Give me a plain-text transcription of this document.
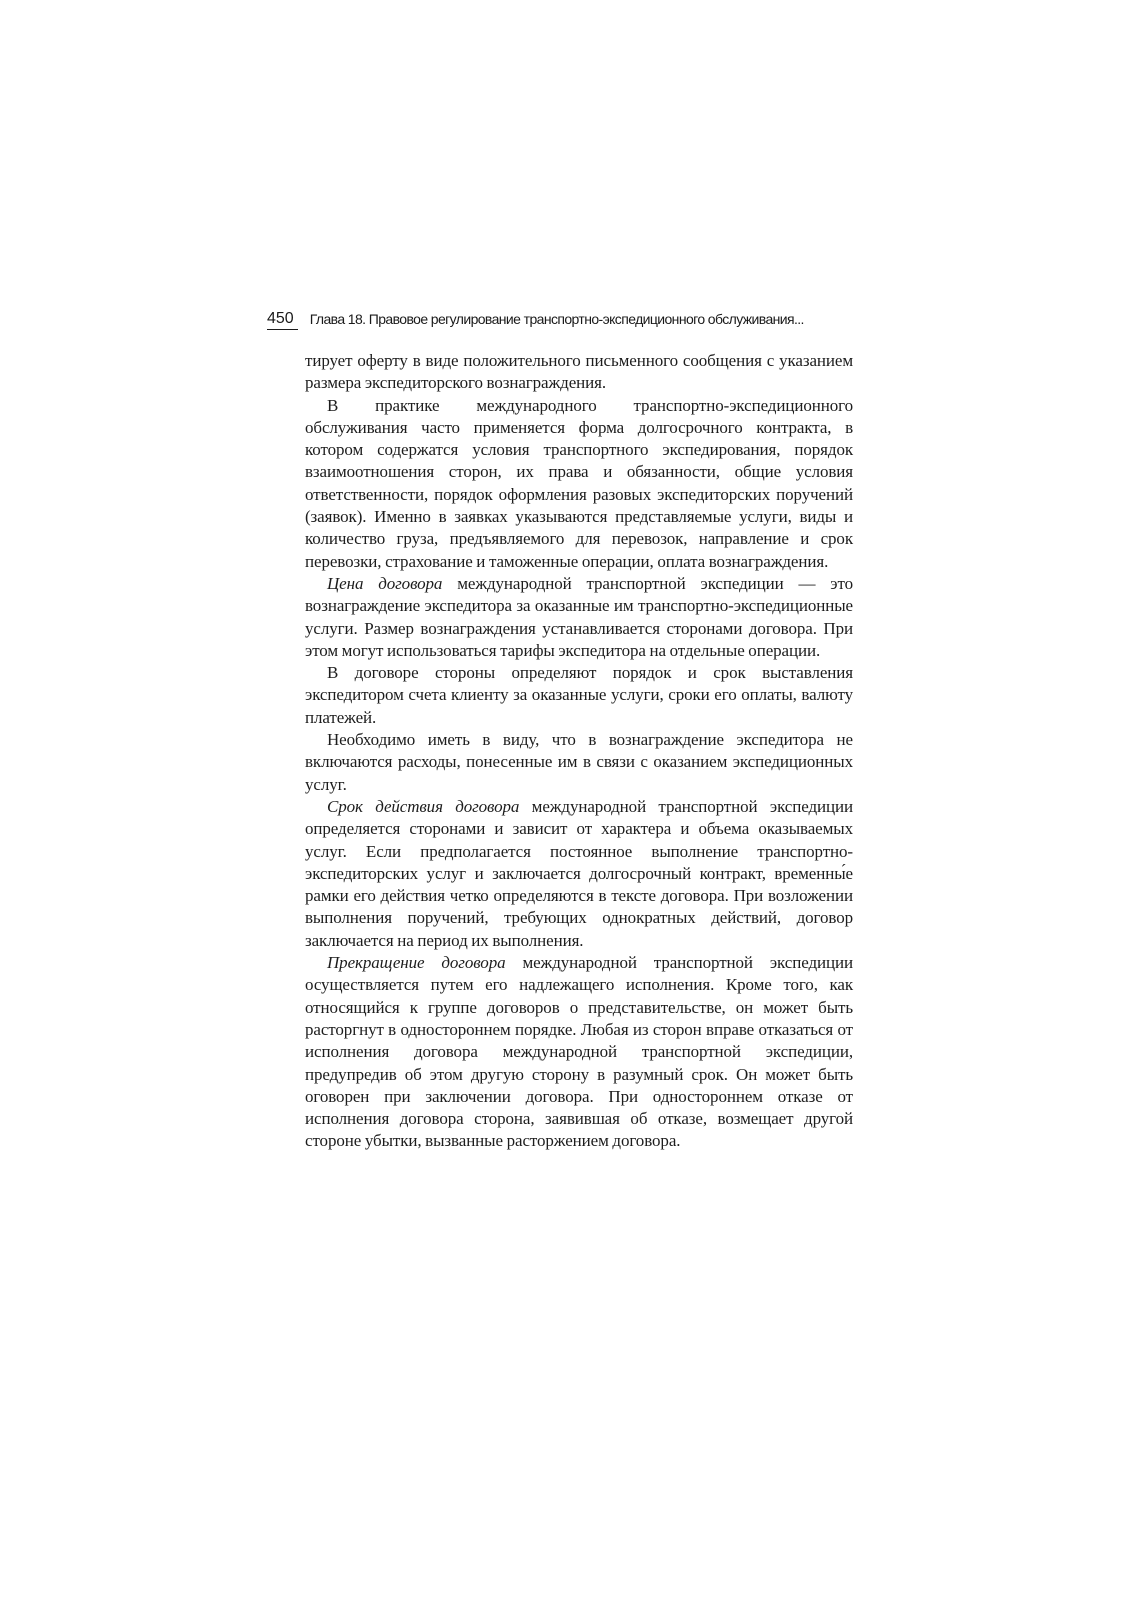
450 Глава 18. Правовое регулирование транспортно-экспедиционного обслуживания...

тирует оферту в виде положительного письменного сообщения с указанием размера экспедиторского вознаграждения.

В практике международного транспортно-экспедиционного обслуживания часто применяется форма долгосрочного контракта, в котором содержатся условия транспортного экспедирования, порядок взаимоотношения сторон, их права и обязанности, общие условия ответственности, порядок оформления разовых экспедиторских поручений (заявок). Именно в заявках указываются представляемые услуги, виды и количество груза, предъявляемого для перевозок, направление и срок перевозки, страхование и таможенные операции, оплата вознаграждения.

Цена договора международной транспортной экспедиции — это вознаграждение экспедитора за оказанные им транспортно-экспедиционные услуги. Размер вознаграждения устанавливается сторонами договора. При этом могут использоваться тарифы экспедитора на отдельные операции.

В договоре стороны определяют порядок и срок выставления экспедитором счета клиенту за оказанные услуги, сроки его оплаты, валюту платежей.

Необходимо иметь в виду, что в вознаграждение экспедитора не включаются расходы, понесенные им в связи с оказанием экспедиционных услуг.

Срок действия договора международной транспортной экспедиции определяется сторонами и зависит от характера и объема оказываемых услуг. Если предполагается постоянное выполнение транспортно-экспедиторских услуг и заключается долгосрочный контракт, временны́е рамки его действия четко определяются в тексте договора. При возложении выполнения поручений, требующих однократных действий, договор заключается на период их выполнения.

Прекращение договора международной транспортной экспедиции осуществляется путем его надлежащего исполнения. Кроме того, как относящийся к группе договоров о представительстве, он может быть расторгнут в одностороннем порядке. Любая из сторон вправе отказаться от исполнения договора международной транспортной экспедиции, предупредив об этом другую сторону в разумный срок. Он может быть оговорен при заключении договора. При одностороннем отказе от исполнения договора сторона, заявившая об отказе, возмещает другой стороне убытки, вызванные расторжением договора.
